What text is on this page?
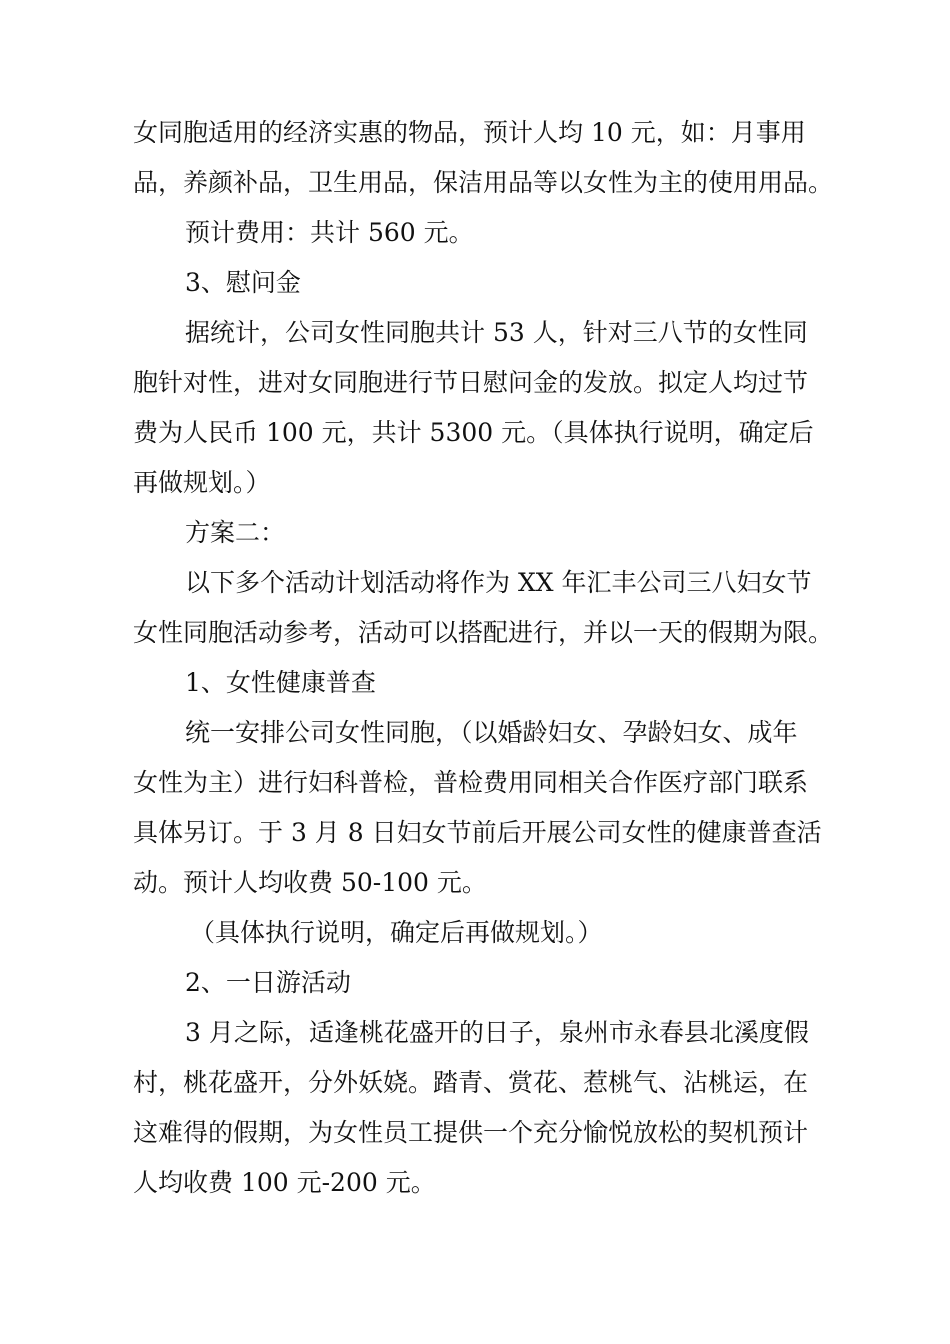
女同胞适用的经济实惠的物品，预计人均 10 元，如：月事用
品，养颜补品，卫生用品，保洁用品等以女性为主的使用用品。
预计费用：共计 560 元。
3、慰问金
据统计，公司女性同胞共计 53 人，针对三八节的女性同
胞针对性，进对女同胞进行节日慰问金的发放。拟定人均过节
费为人民币 100 元，共计 5300 元。（具体执行说明，确定后
再做规划。）
方案二：
以下多个活动计划活动将作为 XX 年汇丰公司三八妇女节
女性同胞活动参考，活动可以搭配进行，并以一天的假期为限。
1、女性健康普查
统一安排公司女性同胞，（以婚龄妇女、孕龄妇女、成年
女性为主）进行妇科普检，普检费用同相关合作医疗部门联系
具体另订。于 3 月 8 日妇女节前后开展公司女性的健康普查活
动。预计人均收费 50-100 元。
（具体执行说明，确定后再做规划。）
2、一日游活动
3 月之际，适逢桃花盛开的日子，泉州市永春县北溪度假
村，桃花盛开，分外妖娆。踏青、赏花、惹桃气、沾桃运，在
这难得的假期，为女性员工提供一个充分愉悦放松的契机预计
人均收费 100 元-200 元。
